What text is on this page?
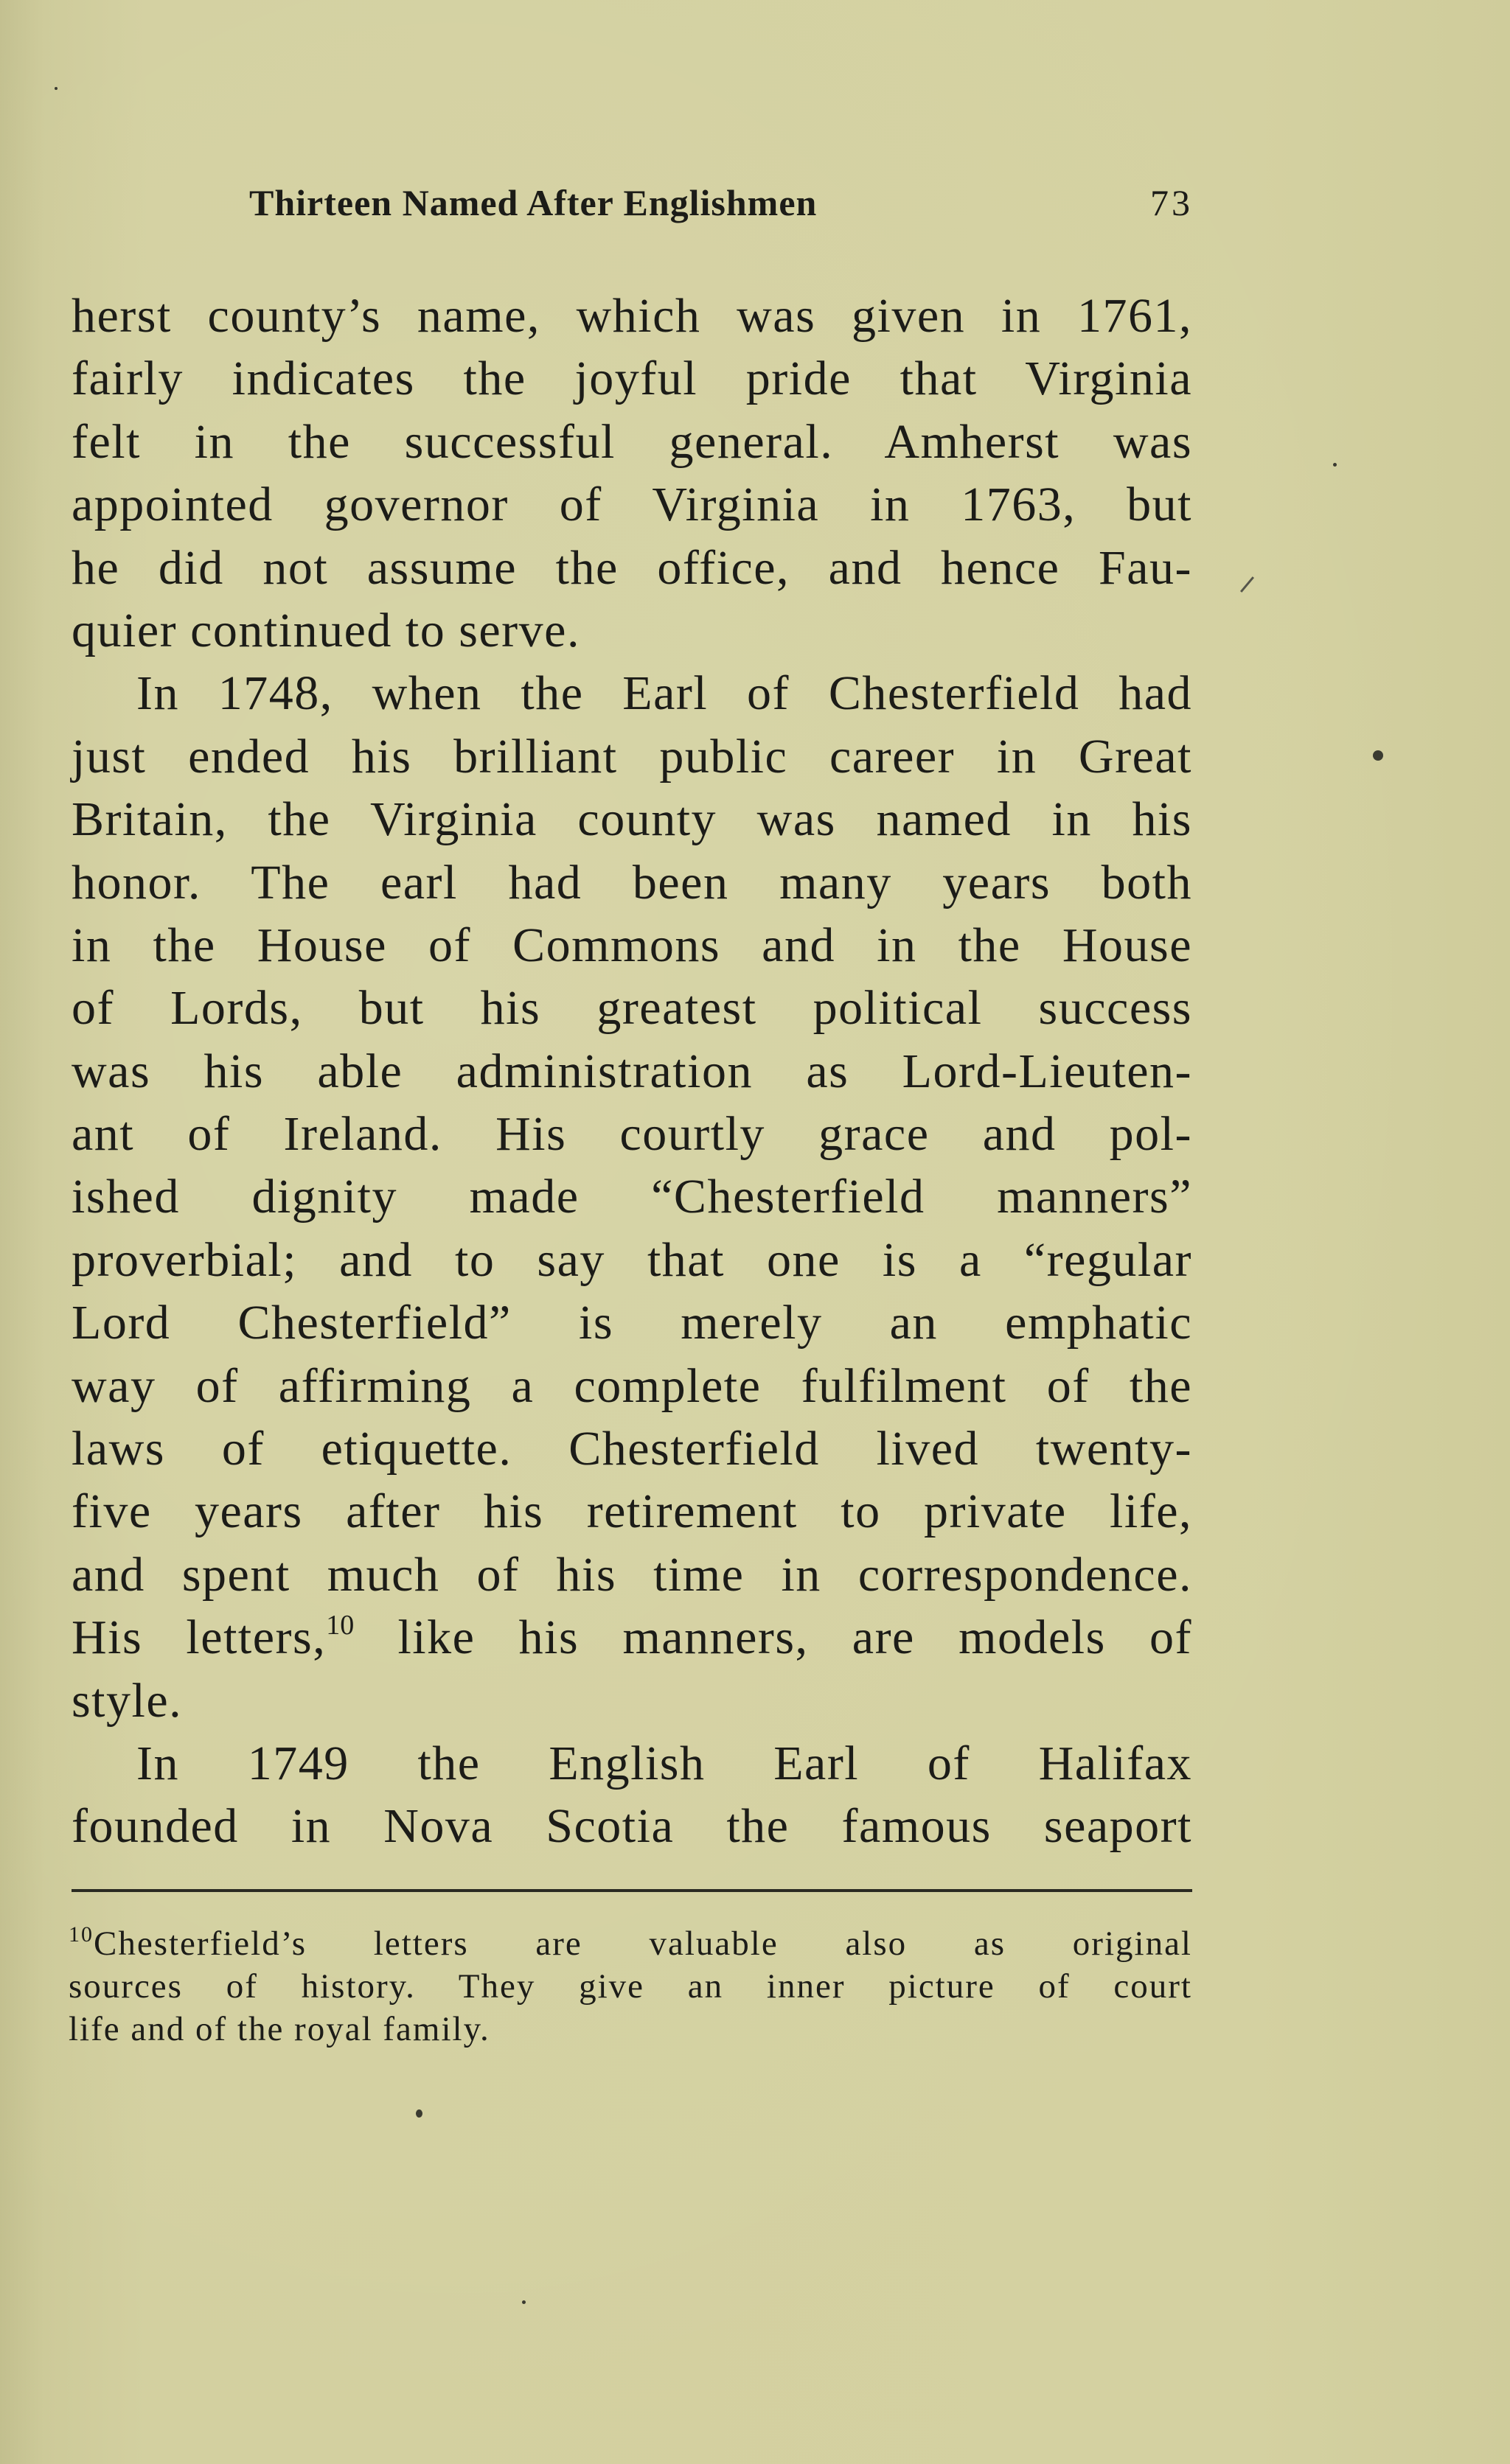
Thirteen Named After Englishmen	73
herst county’s name, which was given in 1761,
fairly indicates the joyful pride that Virginia
felt in the successful general. Amherst was
appointed governor of Virginia in 1763, but
he did not assume the office, and hence Fau-
quier continued to serve.
In 1748, when the Earl of Chesterfield had
just ended his brilliant public career in Great
Britain, the Virginia county was named in his
honor. The earl had been many years both
in the House of Commons and in the House
of Lords, but his greatest political success
was his able administration as Lord-Lieuten-
ant of Ireland. His courtly grace and pol-
ished dignity made “Chesterfield manners”
proverbial; and to say that one is a “regular
Lord Chesterfield” is merely an emphatic
way of affirming a complete fulfilment of the
laws of etiquette. Chesterfield lived twenty-
five years after his retirement to private life,
and spent much of his time in correspondence.
His letters,$^{10}$ like his manners, are models of
style.
In 1749 the English Earl of Halifax
founded in Nova Scotia the famous seaport
$^{10}$Chesterfield’s letters are valuable also as original
sources of history. They give an inner picture of court
life and of the royal family.
